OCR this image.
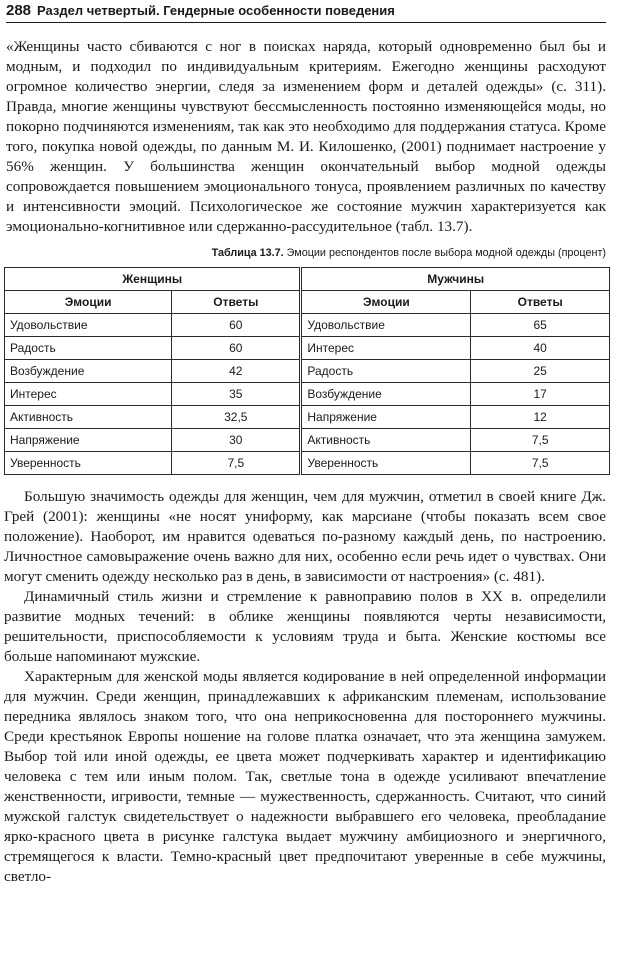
288 Раздел четвертый. Гендерные особенности поведения

«Женщины часто сбиваются с ног в поисках наряда, который одновременно был бы и модным, и подходил по индивидуальным критериям. Ежегодно женщины расходуют огромное количество энергии, следя за изменением форм и деталей одежды» (с. 311). Правда, многие женщины чувствуют бессмысленность постоянно изменяющейся моды, но покорно подчиняются изменениям, так как это необходимо для поддержания статуса. Кроме того, покупка новой одежды, по данным М. И. Килошенко, (2001) поднимает настроение у 56% женщин. У большинства женщин окончательный выбор модной одежды сопровождается повышением эмоционального тонуса, проявлением различных по качеству и интенсивности эмоций. Психологическое же состояние мужчин характеризуется как эмоционально-когнитивное или сдержанно-рассудительное (табл. 13.7).

Таблица 13.7. Эмоции респондентов после выбора модной одежды (процент)
Женщины		Мужчины	
Эмоции	Ответы	Эмоции	Ответы
Удовольствие	60	Удовольствие	65
Радость	60	Интерес	40
Возбуждение	42	Радость	25
Интерес	35	Возбуждение	17
Активность	32,5	Напряжение	12
Напряжение	30	Активность	7,5
Уверенность	7,5	Уверенность	7,5

Большую значимость одежды для женщин, чем для мужчин, отметил в своей книге Дж. Грей (2001): женщины «не носят униформу, как марсиане (чтобы показать всем свое положение). Наоборот, им нравится одеваться по-разному каждый день, по настроению. Личностное самовыражение очень важно для них, особенно если речь идет о чувствах. Они могут сменить одежду несколько раз в день, в зависимости от настроения» (с. 481).

Динамичный стиль жизни и стремление к равноправию полов в XX в. определили развитие модных течений: в облике женщины появляются черты независимости, решительности, приспособляемости к условиям труда и быта. Женские костюмы все больше напоминают мужские.

Характерным для женской моды является кодирование в ней определенной информации для мужчин. Среди женщин, принадлежавших к африканским племенам, использование передника являлось знаком того, что она неприкосновенна для постороннего мужчины. Среди крестьянок Европы ношение на голове платка означает, что эта женщина замужем. Выбор той или иной одежды, ее цвета может подчеркивать характер и идентификацию человека с тем или иным полом. Так, светлые тона в одежде усиливают впечатление женственности, игривости, темные — мужественность, сдержанность. Считают, что синий мужской галстук свидетельствует о надежности выбравшего его человека, преобладание ярко-красного цвета в рисунке галстука выдает мужчину амбициозного и энергичного, стремящегося к власти. Темно-красный цвет предпочитают уверенные в себе мужчины, светло-
